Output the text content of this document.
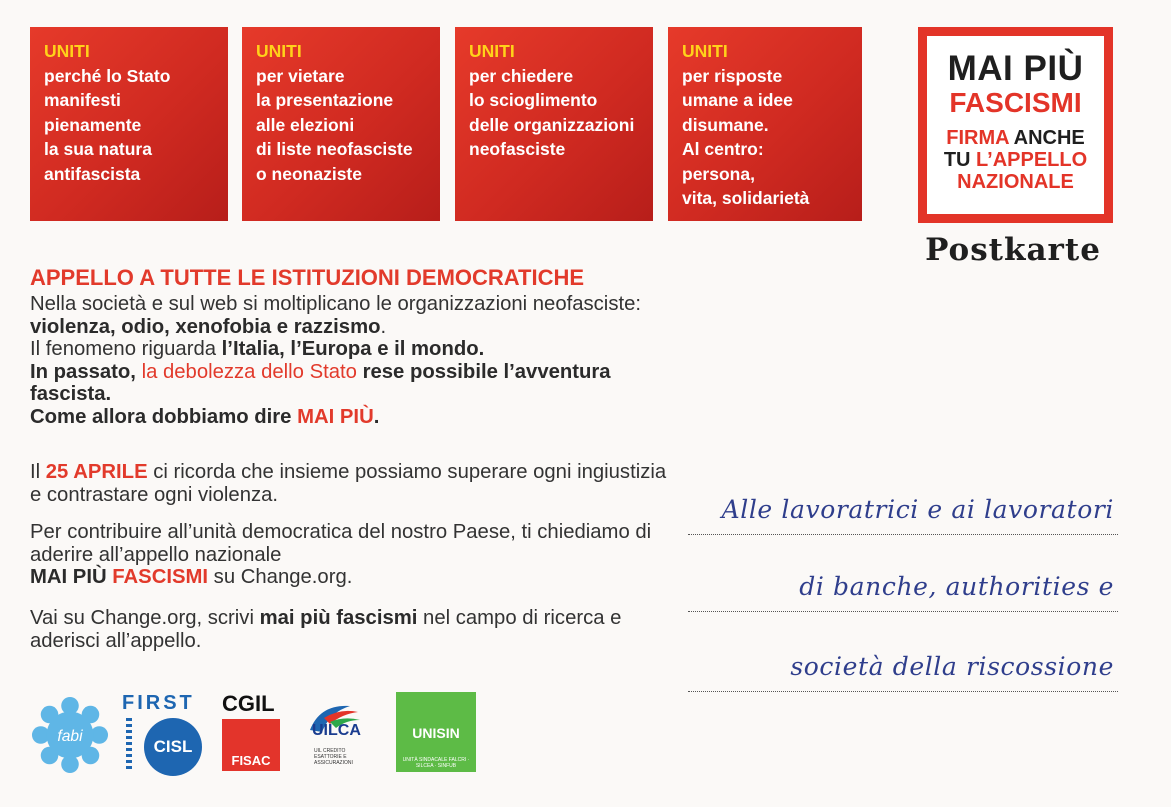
UNITI
perché lo Stato
manifesti
pienamente
la sua natura
antifascista
UNITI
per vietare
la presentazione
alle elezioni
di liste neofasciste
o neonaziste
UNITI
per chiedere
lo scioglimento
delle organizzazioni
neofasciste
UNITI
per risposte
umane a idee
disumane.
Al centro:
persona,
vita, solidarietà
MAI PIÙ
FASCISMI
FIRMA ANCHE
TU L’APPELLO
NAZIONALE
Postkarte
APPELLO A TUTTE LE ISTITUZIONI DEMOCRATICHE
Nella società e sul web si moltiplicano le organizzazioni neofasciste: violenza, odio, xenofobia e razzismo.
Il fenomeno riguarda l’Italia, l’Europa e il mondo.
In passato, la debolezza dello Stato rese possibile l’avventura fascista.
Come allora dobbiamo dire MAI PIÙ.
Il 25 APRILE ci ricorda che insieme possiamo superare ogni ingiustizia e contrastare ogni violenza.
Per contribuire all’unità democratica del nostro Paese, ti chiediamo di aderire all’appello nazionale
MAI PIÙ FASCISMI su Change.org.
Vai su Change.org, scrivi mai più fascismi nel campo di ricerca e aderisci all’appello.
Alle lavoratrici e ai lavoratori
di banche, authorities e
società della riscossione
fabi
FIRST
CISL
CGIL
FISAC
UILCA
UIL CREDITO ESATTORIE E ASSICURAZIONI
UNISIN
UNITÀ SINDACALE FALCRI · SILCEA · SINFUB
